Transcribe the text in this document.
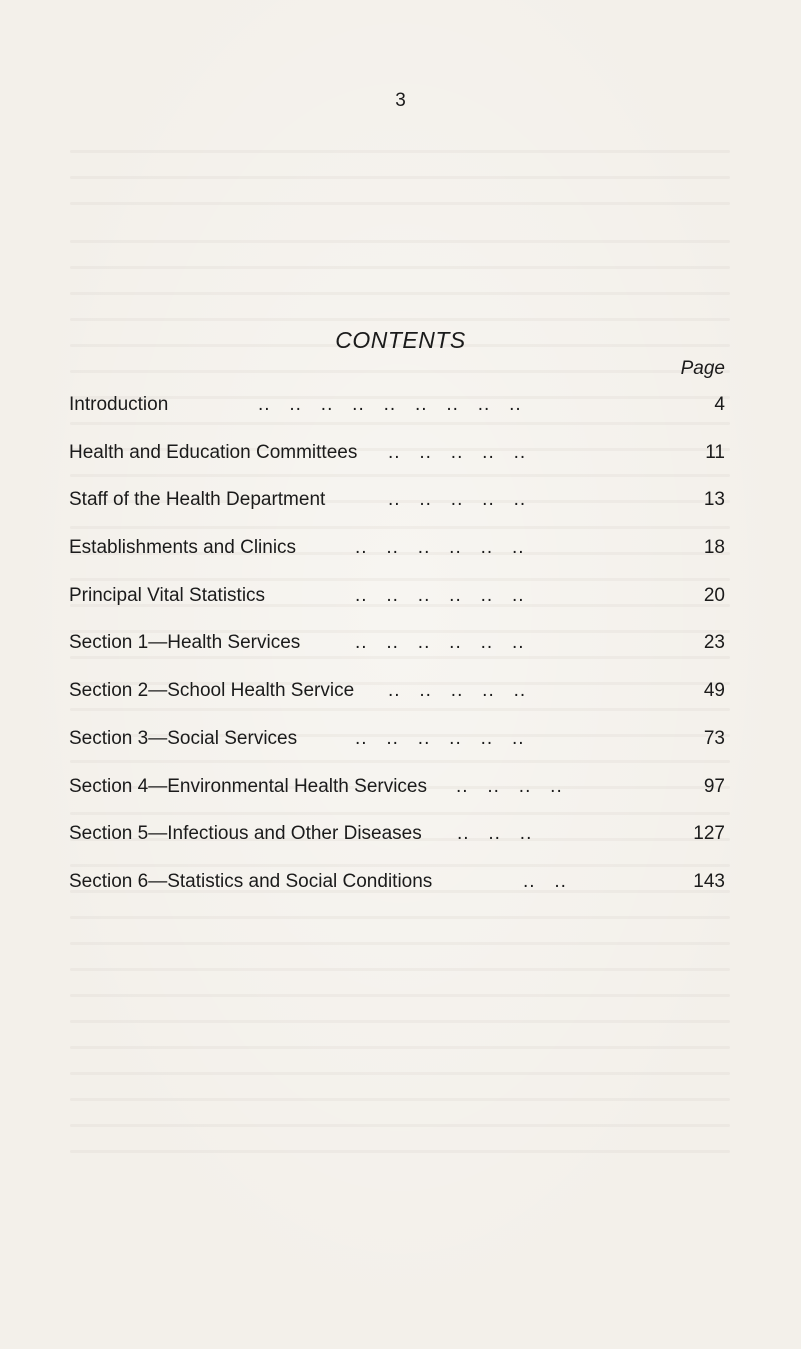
3
CONTENTS
Page
Introduction	..   ..   ..   ..   ..   ..   ..   ..   ..	4
Health and Education Committees ..   ..   ..   ..   ..	11
Staff of the Health Department	..   ..   ..   ..   ..	13
Establishments and Clinics	..   ..   ..   ..   ..   ..	18
Principal Vital Statistics	..   ..   ..   ..   ..   ..	20
Section 1—Health Services	..   ..   ..   ..   ..   ..	23
Section 2—School Health Service ..   ..   ..   ..   ..	49
Section 3—Social Services	..   ..   ..   ..   ..   ..	73
Section 4—Environmental Health Services ..   ..   ..   ..	97
Section 5—Infectious and Other Diseases ..   ..   ..	127
Section 6—Statistics and Social Conditions	..   ..	143
